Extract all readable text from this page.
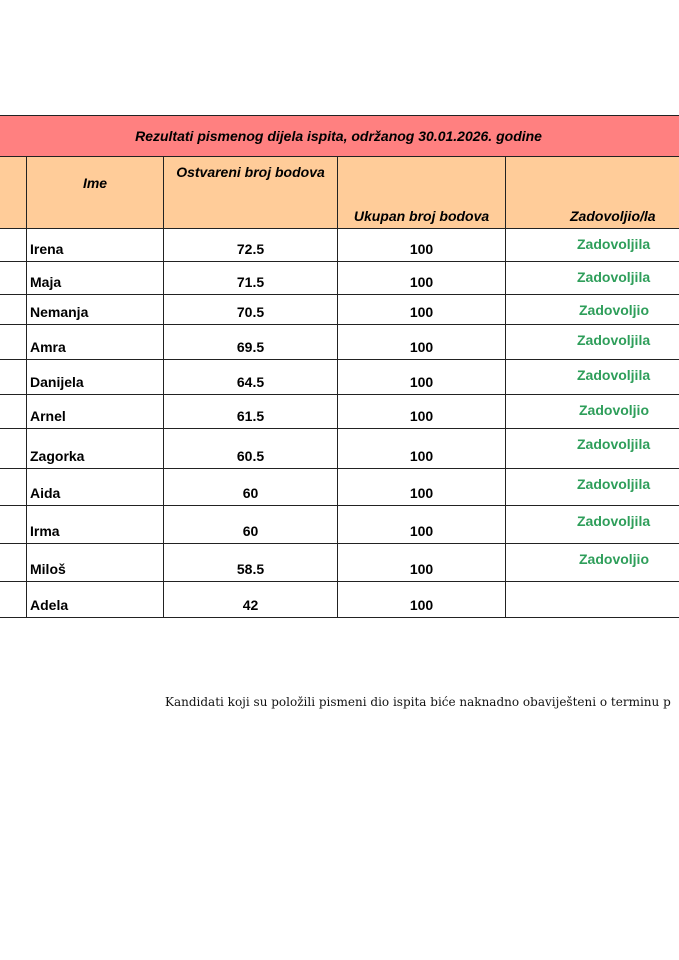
Rezultati pismenog dijela ispita, održanog 30.01.2026. godine				
	Ime	Ostvareni broj bodova	Ukupan broj bodova	Zadovoljio/la
	Irena	72.5	100	Zadovoljila
	Maja	71.5	100	Zadovoljila
	Nemanja	70.5	100	Zadovoljio
	Amra	69.5	100	Zadovoljila
	Danijela	64.5	100	Zadovoljila
	Arnel	61.5	100	Zadovoljio
	Zagorka	60.5	100	Zadovoljila
	Aida	60	100	Zadovoljila
	Irma	60	100	Zadovoljila
	Miloš	58.5	100	Zadovoljio
	Adela	42	100	
Kandidati koji su položili pismeni dio ispita biće naknadno obaviješteni o terminu p
